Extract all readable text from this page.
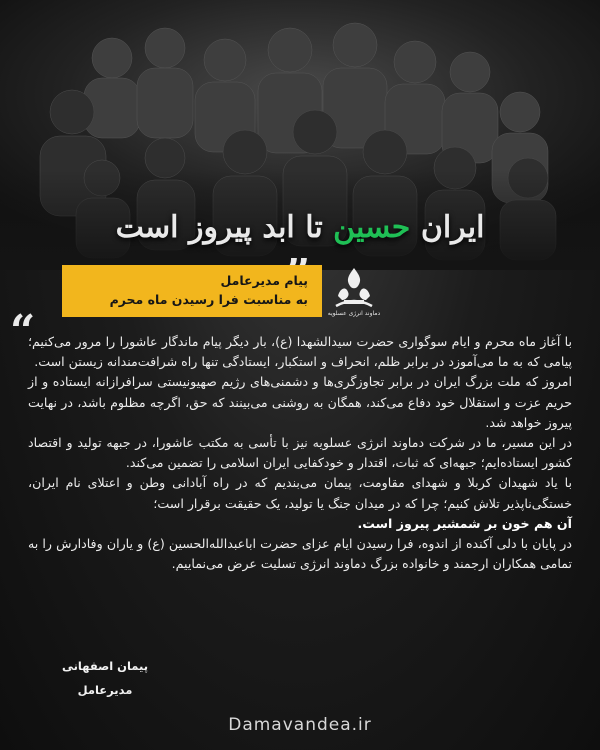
ایران حسین تا ابد پیروز است
“
پیام مدیرعامل
به مناسبت فرا رسیدن ماه محرم
دماوند انرژی عسلویه

با آغاز ماه محرم و ایام سوگواری حضرت سیدالشهدا (ع)، بار دیگر پیام ماندگار عاشورا را مرور می‌کنیم؛ پیامی که به ما می‌آموزد در برابر ظلم، انحراف و استکبار، ایستادگی تنها راه شرافت‌مندانه زیستن است.

امروز که ملت بزرگ ایران در برابر تجاوزگری‌ها و دشمنی‌های رژیم صهیونیستی سرافرازانه ایستاده و از حریم عزت و استقلال خود دفاع می‌کند، همگان به روشنی می‌بینند که حق، اگرچه مظلوم باشد، در نهایت پیروز خواهد شد.

در این مسیر، ما در شرکت دماوند انرژی عسلویه نیز با تأسی به مکتب عاشورا، در جبهه تولید و اقتصاد کشور ایستاده‌ایم؛ جبهه‌ای که ثبات، اقتدار و خودکفایی ایران اسلامی را تضمین می‌کند.

با یاد شهیدان کربلا و شهدای مقاومت، پیمان می‌بندیم که در راه آبادانی وطن و اعتلای نام ایران، خستگی‌ناپذیر تلاش کنیم؛ چرا که در میدان جنگ یا تولید، یک حقیقت برقرار است؛

آن هم خون بر شمشیر پیروز است.

در پایان با دلی آکنده از اندوه، فرا رسیدن ایام عزای حضرت اباعبدالله‌الحسین (ع) و یاران وفادارش را به تمامی همکاران ارجمند و خانواده بزرگ دماوند انرژی تسلیت عرض می‌نماییم.

پیمان اصفهانی
مدیرعامل
Damavandea.ir
